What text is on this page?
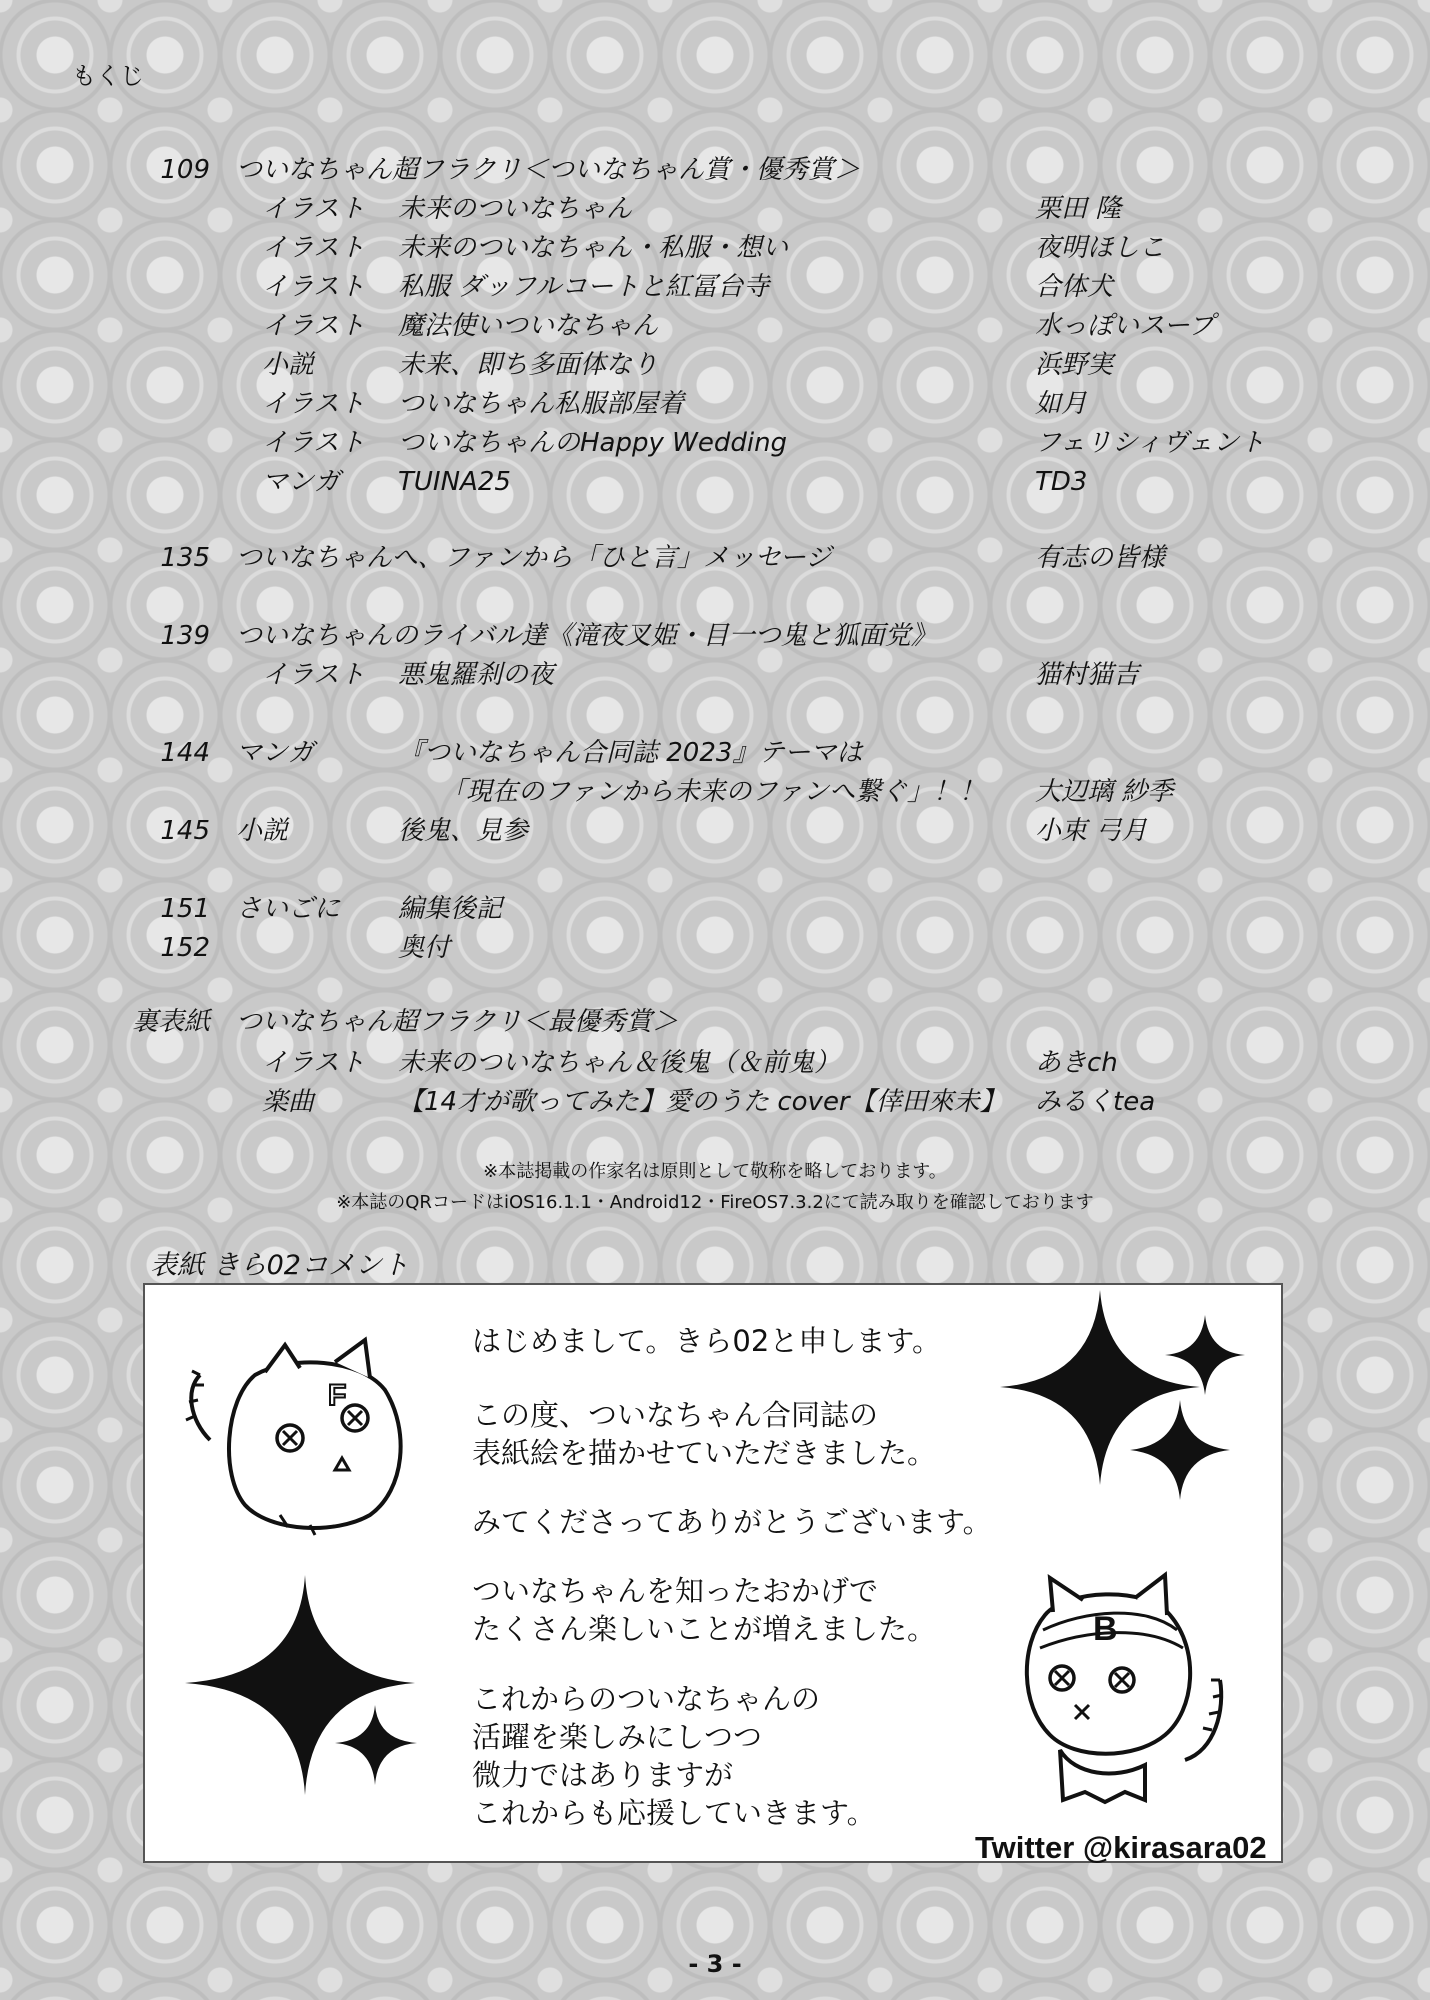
もくじ
109 ついなちゃん超フラクリ＜ついなちゃん賞・優秀賞＞
イラスト 未来のついなちゃん	栗田 隆
イラスト 未来のついなちゃん・私服・想い	夜明ほしこ
イラスト 私服 ダッフルコートと紅冨台寺	合体犬
イラスト 魔法使いついなちゃん	水っぽいスープ
小説	未来、即ち多面体なり	浜野実
イラスト ついなちゃん私服部屋着	如月
イラスト ついなちゃんのHappy Wedding	フェリシィヴェント
マンガ TUINA25	TD3
135 ついなちゃんへ、ファンから「ひと言」メッセージ	有志の皆様
139 ついなちゃんのライバル達《滝夜叉姫・目一つ鬼と狐面党》
イラスト 悪鬼羅刹の夜	猫村猫吉
144 マンガ	『ついなちゃん合同誌 2023』テーマは
「現在のファンから未来のファンへ繋ぐ」！！ 大辺璃 紗季
145 小説	後鬼、見参	小束 弓月
151 さいごに 編集後記
152	奥付
裏表紙 ついなちゃん超フラクリ＜最優秀賞＞
イラスト 未来のついなちゃん＆後鬼（＆前鬼）	あきch
楽曲	【14才が歌ってみた】愛のうた cover【倖田來未】 みるくtea
※本誌掲載の作家名は原則として敬称を略しております。
※本誌のQRコードはiOS16.1.1・Android12・FireOS7.3.2にて読み取りを確認しております
表紙 きら02コメント
F
B
はじめまして。きら02と申します。
この度、ついなちゃん合同誌の
表紙絵を描かせていただきました。
みてくださってありがとうございます。
ついなちゃんを知ったおかげで
たくさん楽しいことが増えました。
これからのついなちゃんの
活躍を楽しみにしつつ
微力ではありますが
これからも応援していきます。
Twitter @kirasara02
- 3 -
